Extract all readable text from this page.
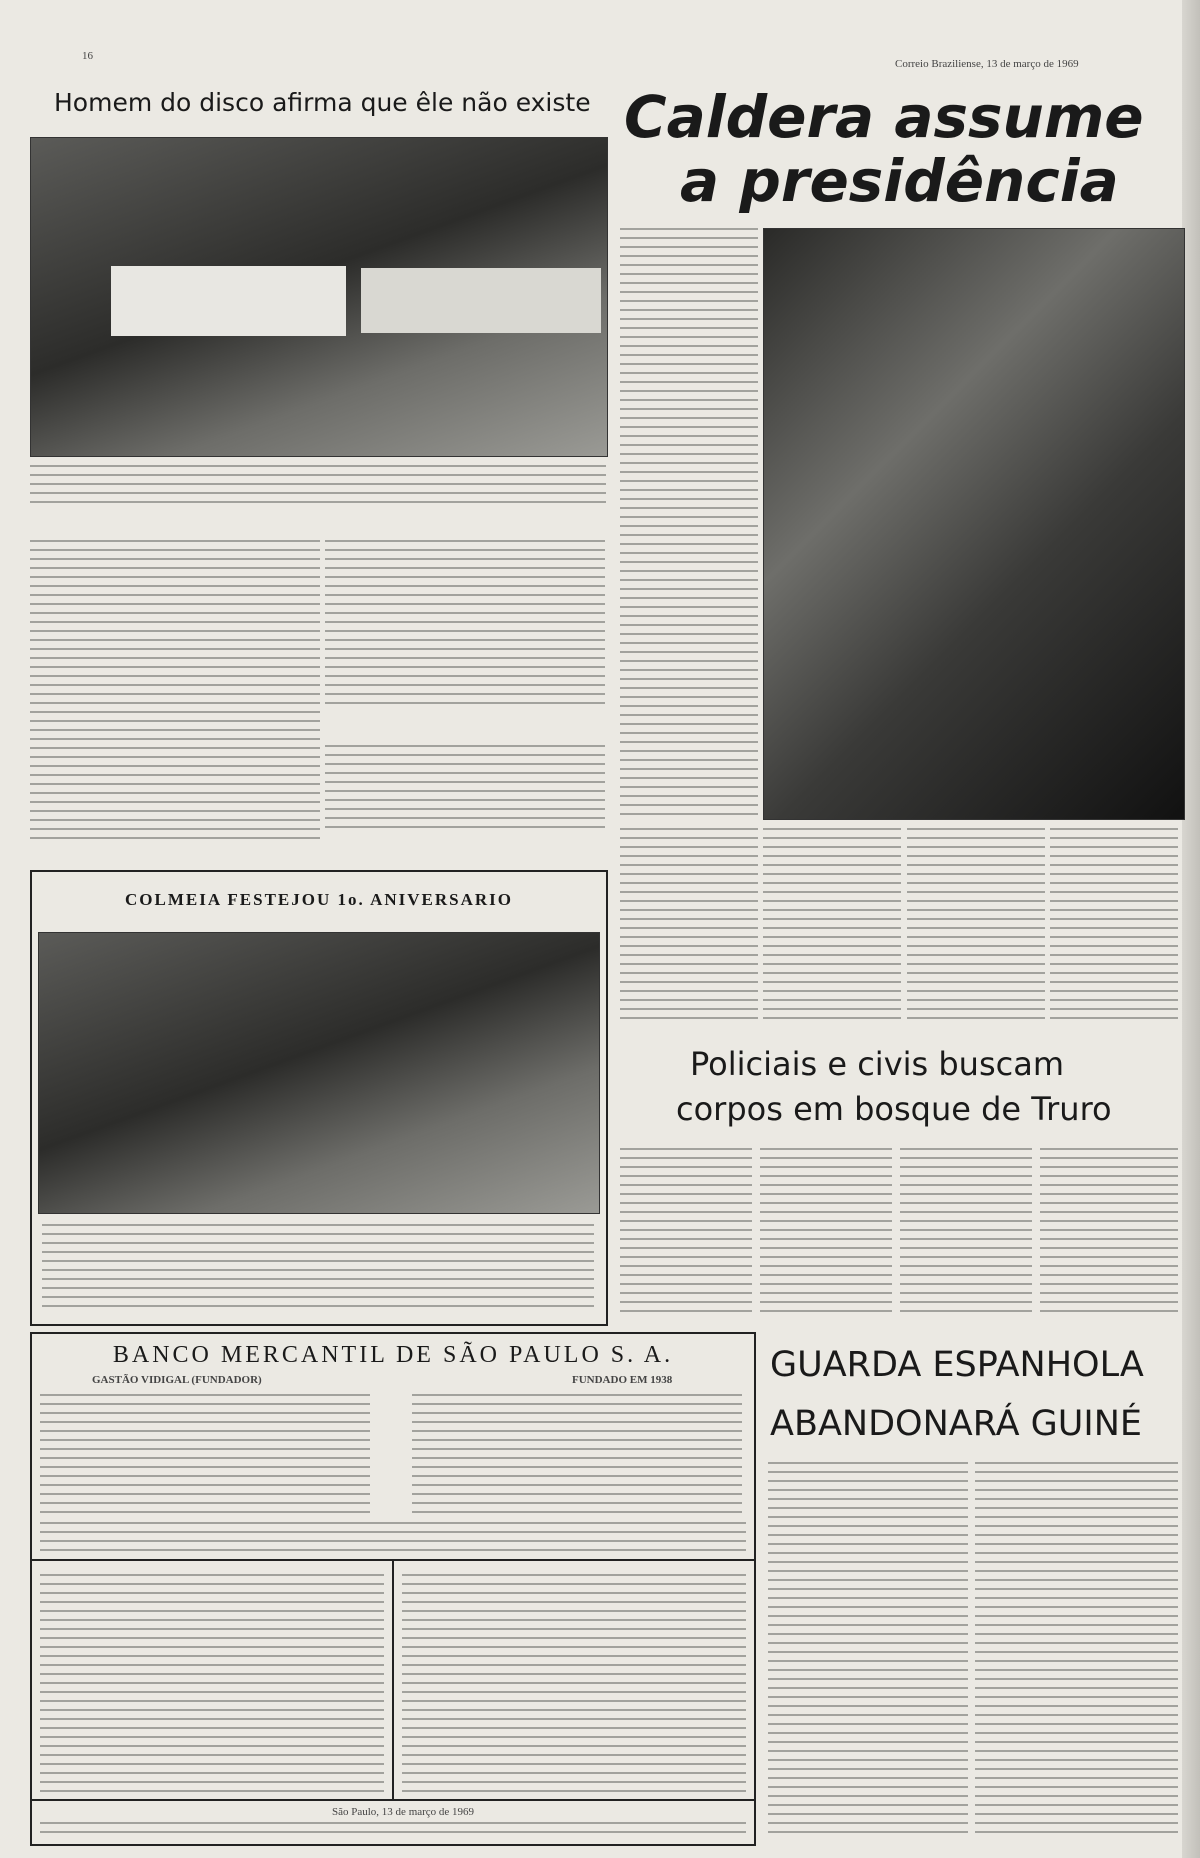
16
Correio Braziliense, 13 de março de 1969
Homem do disco afirma que êle não existe Caldera assume
a presidência
COLMEIA FESTEJOU 1o. ANIVERSARIO
Policiais e civis buscam
corpos em bosque de Truro
BANCO MERCANTIL DE SÃO PAULO S. A.
GASTÃO VIDIGAL (FUNDADOR)	FUNDADO EM 1938
São Paulo, 13 de março de 1969
GUARDA ESPANHOLA
ABANDONARÁ GUINÉ
